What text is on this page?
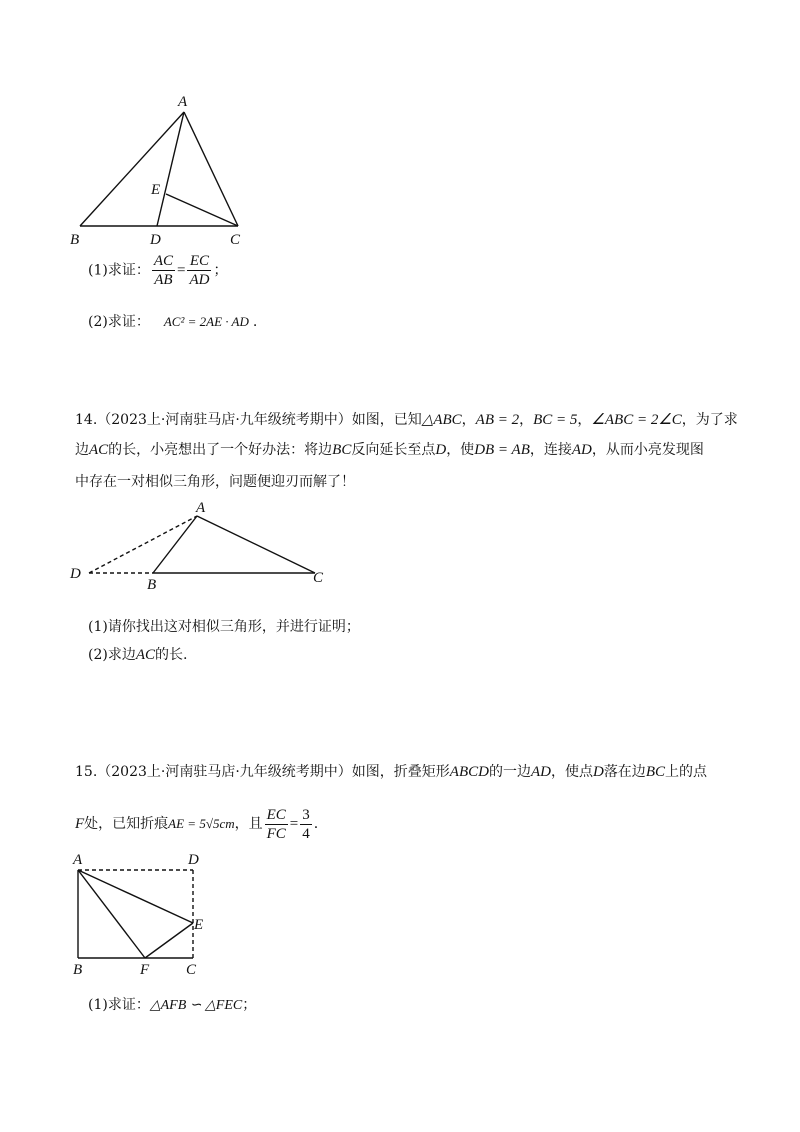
A
B	C
D
E
(1)求证： $\frac{AC}{AB} = \frac{EC}{AD}$ ；
(2)求证： AC² = 2AE · AD .
14.（2023上·河南驻马店·九年级统考期中）如图，已知△ABC，AB = 2，BC = 5，∠ABC = 2∠C，为了求
边AC的长，小亮想出了一个好办法：将边BC反向延长至点D，使DB = AB，连接AD，从而小亮发现图
中存在一对相似三角形，问题便迎刃而解了！
A
B	C
D
(1)请你找出这对相似三角形，并进行证明；
(2)求边AC的长.
15.（2023上·河南驻马店·九年级统考期中）如图，折叠矩形ABCD的一边AD，使点D落在边BC上的点
F处，已知折痕AE = 5√5cm，且 $\frac{EC}{FC} = \frac{3}{4}$ .
A	D
E
B	F C
(1)求证：△AFB ∽ △FEC；
